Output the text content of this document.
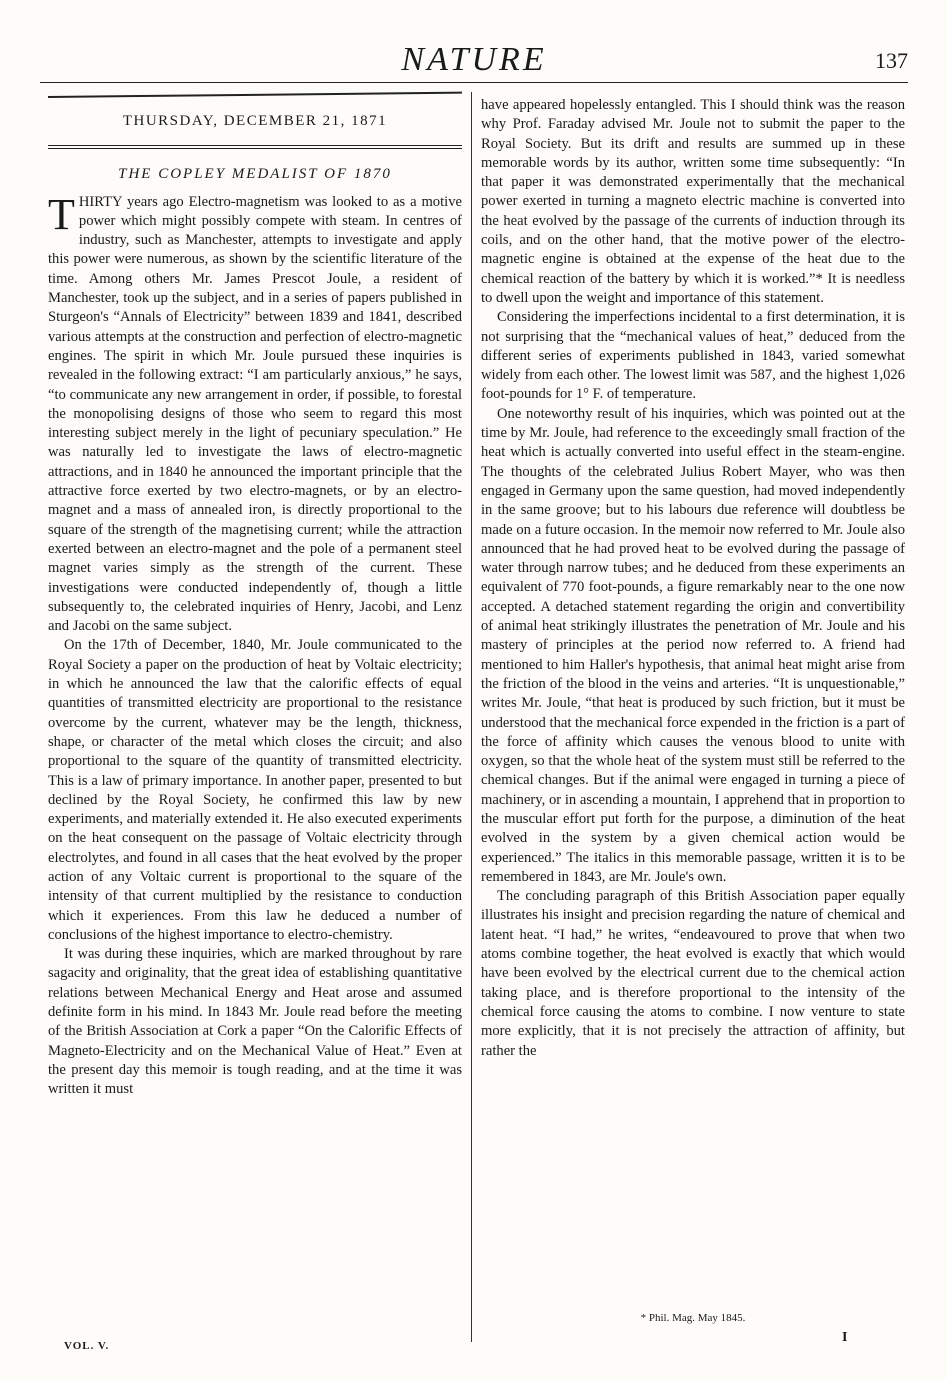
NATURE	137
THURSDAY, DECEMBER 21, 1871
THE COPLEY MEDALIST OF 1870

THIRTY years ago Electro-magnetism was looked to as a motive power which might possibly compete with steam. In centres of industry, such as Manchester, attempts to investigate and apply this power were numerous, as shown by the scientific literature of the time. Among others Mr. James Prescot Joule, a resident of Manchester, took up the subject, and in a series of papers published in Sturgeon's “Annals of Electricity” between 1839 and 1841, described various attempts at the construction and perfection of electro-magnetic engines. The spirit in which Mr. Joule pursued these inquiries is revealed in the following extract: “I am particularly anxious,” he says, “to communicate any new arrangement in order, if possible, to forestal the monopolising designs of those who seem to regard this most interesting subject merely in the light of pecuniary speculation.” He was naturally led to investigate the laws of electro-magnetic attractions, and in 1840 he announced the important principle that the attractive force exerted by two electro-magnets, or by an electro-magnet and a mass of annealed iron, is directly proportional to the square of the strength of the magnetising current; while the attraction exerted between an electro-magnet and the pole of a permanent steel magnet varies simply as the strength of the current. These investigations were conducted independently of, though a little subsequently to, the celebrated inquiries of Henry, Jacobi, and Lenz and Jacobi on the same subject.

On the 17th of December, 1840, Mr. Joule communicated to the Royal Society a paper on the production of heat by Voltaic electricity; in which he announced the law that the calorific effects of equal quantities of transmitted electricity are proportional to the resistance overcome by the current, whatever may be the length, thickness, shape, or character of the metal which closes the circuit; and also proportional to the square of the quantity of transmitted electricity. This is a law of primary importance. In another paper, presented to but declined by the Royal Society, he confirmed this law by new experiments, and materially extended it. He also executed experiments on the heat consequent on the passage of Voltaic electricity through electrolytes, and found in all cases that the heat evolved by the proper action of any Voltaic current is proportional to the square of the intensity of that current multiplied by the resistance to conduction which it experiences. From this law he deduced a number of conclusions of the highest importance to electro-chemistry.

It was during these inquiries, which are marked throughout by rare sagacity and originality, that the great idea of establishing quantitative relations between Mechanical Energy and Heat arose and assumed definite form in his mind. In 1843 Mr. Joule read before the meeting of the British Association at Cork a paper “On the Calorific Effects of Magneto-Electricity and on the Mechanical Value of Heat.” Even at the present day this memoir is tough reading, and at the time it was written it must

have appeared hopelessly entangled. This I should think was the reason why Prof. Faraday advised Mr. Joule not to submit the paper to the Royal Society. But its drift and results are summed up in these memorable words by its author, written some time subsequently: “In that paper it was demonstrated experimentally that the mechanical power exerted in turning a magneto electric machine is converted into the heat evolved by the passage of the currents of induction through its coils, and on the other hand, that the motive power of the electro-magnetic engine is obtained at the expense of the heat due to the chemical reaction of the battery by which it is worked.”* It is needless to dwell upon the weight and importance of this statement.

Considering the imperfections incidental to a first determination, it is not surprising that the “mechanical values of heat,” deduced from the different series of experiments published in 1843, varied somewhat widely from each other. The lowest limit was 587, and the highest 1,026 foot-pounds for 1° F. of temperature.

One noteworthy result of his inquiries, which was pointed out at the time by Mr. Joule, had reference to the exceedingly small fraction of the heat which is actually converted into useful effect in the steam-engine. The thoughts of the celebrated Julius Robert Mayer, who was then engaged in Germany upon the same question, had moved independently in the same groove; but to his labours due reference will doubtless be made on a future occasion. In the memoir now referred to Mr. Joule also announced that he had proved heat to be evolved during the passage of water through narrow tubes; and he deduced from these experiments an equivalent of 770 foot-pounds, a figure remarkably near to the one now accepted. A detached statement regarding the origin and convertibility of animal heat strikingly illustrates the penetration of Mr. Joule and his mastery of principles at the period now referred to. A friend had mentioned to him Haller's hypothesis, that animal heat might arise from the friction of the blood in the veins and arteries. “It is unquestionable,” writes Mr. Joule, “that heat is produced by such friction, but it must be understood that the mechanical force expended in the friction is a part of the force of affinity which causes the venous blood to unite with oxygen, so that the whole heat of the system must still be referred to the chemical changes. But if the animal were engaged in turning a piece of machinery, or in ascending a mountain, I apprehend that in proportion to the muscular effort put forth for the purpose, a diminution of the heat evolved in the system by a given chemical action would be experienced.” The italics in this memorable passage, written it is to be remembered in 1843, are Mr. Joule's own.

The concluding paragraph of this British Association paper equally illustrates his insight and precision regarding the nature of chemical and latent heat. “I had,” he writes, “endeavoured to prove that when two atoms combine together, the heat evolved is exactly that which would have been evolved by the electrical current due to the chemical action taking place, and is therefore proportional to the intensity of the chemical force causing the atoms to combine. I now venture to state more explicitly, that it is not precisely the attraction of affinity, but rather the

* Phil. Mag. May 1845.
VOL. V.
I
